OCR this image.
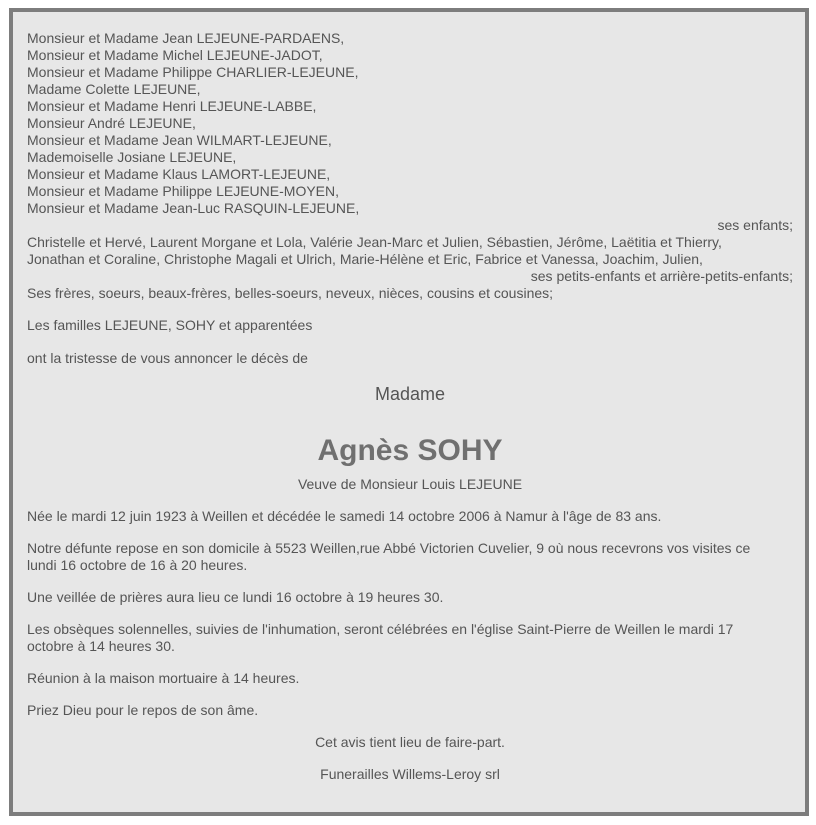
Monsieur et Madame Jean LEJEUNE-PARDAENS,
Monsieur et Madame Michel LEJEUNE-JADOT,
Monsieur et Madame Philippe CHARLIER-LEJEUNE,
Madame Colette LEJEUNE,
Monsieur et Madame Henri LEJEUNE-LABBE,
Monsieur André LEJEUNE,
Monsieur et Madame Jean WILMART-LEJEUNE,
Mademoiselle Josiane LEJEUNE,
Monsieur et Madame Klaus LAMORT-LEJEUNE,
Monsieur et Madame Philippe LEJEUNE-MOYEN,
Monsieur et Madame Jean-Luc RASQUIN-LEJEUNE,
ses enfants;
Christelle et Hervé, Laurent Morgane et Lola, Valérie Jean-Marc et Julien, Sébastien, Jérôme, Laëtitia et Thierry,
Jonathan et Coraline, Christophe Magali et Ulrich, Marie-Hélène et Eric, Fabrice et Vanessa, Joachim, Julien,
ses petits-enfants et arrière-petits-enfants;
Ses frères, soeurs, beaux-frères, belles-soeurs, neveux, nièces, cousins et cousines;
Les familles LEJEUNE, SOHY et apparentées
ont la tristesse de vous annoncer le décès de
Madame
Agnès SOHY
Veuve de Monsieur Louis LEJEUNE
Née le mardi 12 juin 1923 à Weillen et décédée le samedi 14 octobre 2006 à Namur à l'âge de 83 ans.
Notre défunte repose en son domicile à 5523 Weillen,rue Abbé Victorien Cuvelier, 9 où nous recevrons vos visites ce
lundi 16 octobre de 16 à 20 heures.
Une veillée de prières aura lieu ce lundi 16 octobre à 19 heures 30.
Les obsèques solennelles, suivies de l'inhumation, seront célébrées en l'église Saint-Pierre de Weillen le mardi 17
octobre à 14 heures 30.
Réunion à la maison mortuaire à 14 heures.
Priez Dieu pour le repos de son âme.
Cet avis tient lieu de faire-part.
Funerailles Willems-Leroy srl
